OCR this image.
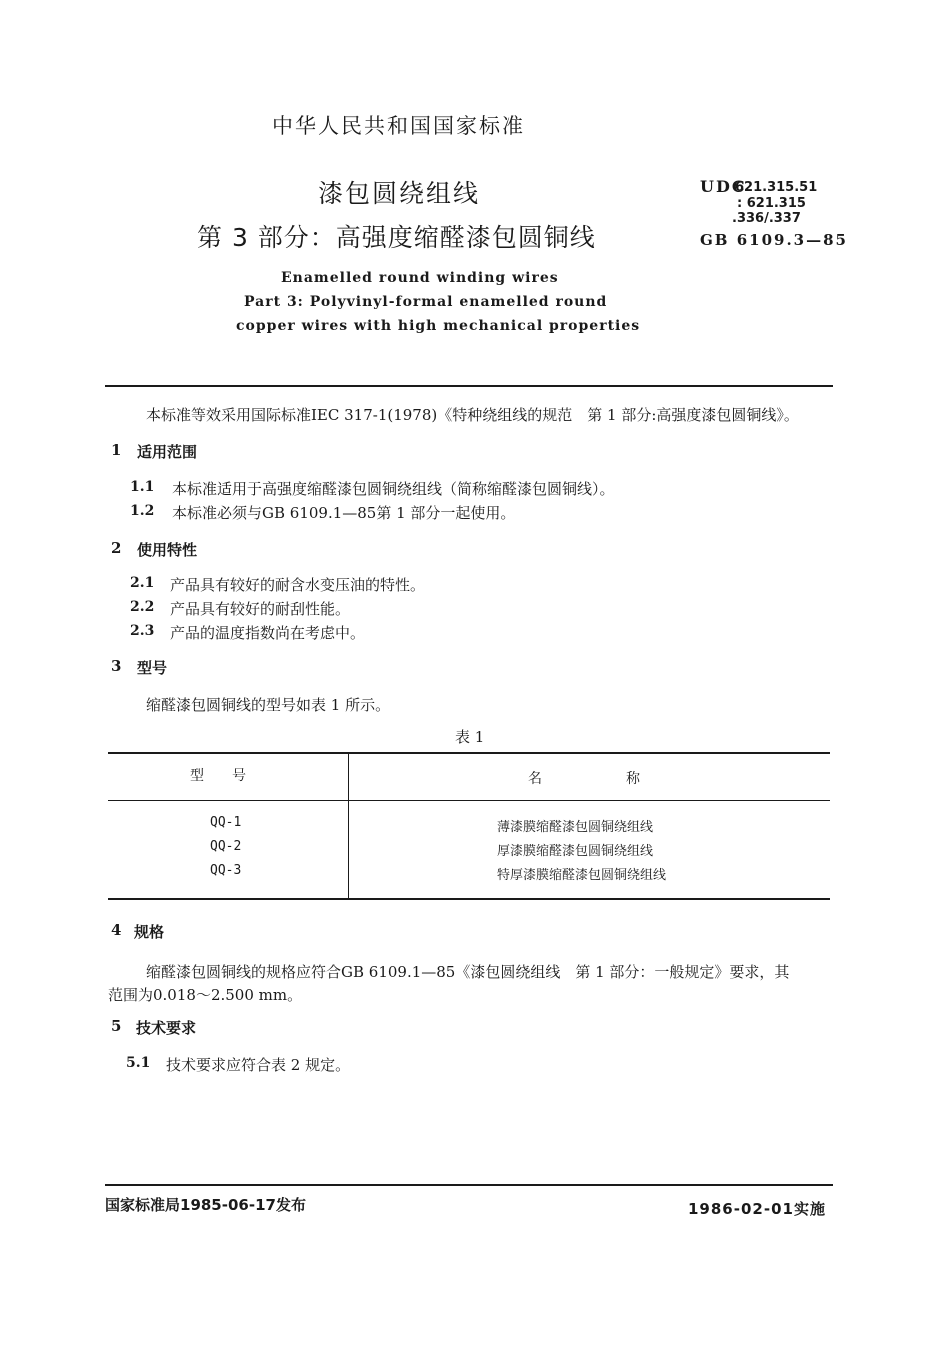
中华人民共和国国家标准
漆包圆绕组线
第 3 部分：高强度缩醛漆包圆铜线
UDC
621.315.51
: 621.315
.336/.337
GB 6109.3—85
Enamelled round winding wires
Part 3: Polyvinyl-formal enamelled round
copper wires with high mechanical properties
本标准等效采用国际标准IEC 317-1(1978)《特种绕组线的规范　第 1 部分:高强度漆包圆铜线》。
1 适用范围
1.1 本标准适用于高强度缩醛漆包圆铜绕组线（简称缩醛漆包圆铜线）。
1.2 本标准必须与GB 6109.1—85第 1 部分一起使用。
2 使用特性
2.1 产品具有较好的耐含水变压油的特性。
2.2 产品具有较好的耐刮性能。
2.3 产品的温度指数尚在考虑中。
3 型号
缩醛漆包圆铜线的型号如表 1 所示。
表 1
型　　号	名　　　　　　称
QQ-1	薄漆膜缩醛漆包圆铜绕组线
QQ-2	厚漆膜缩醛漆包圆铜绕组线
QQ-3	特厚漆膜缩醛漆包圆铜绕组线
4 规格
缩醛漆包圆铜线的规格应符合GB 6109.1—85《漆包圆绕组线　第 1 部分：一般规定》要求，其
范围为0.018～2.500 mm。
5 技术要求
5.1 技术要求应符合表 2 规定。
国家标准局1985-06-17发布	1986-02-01实施
